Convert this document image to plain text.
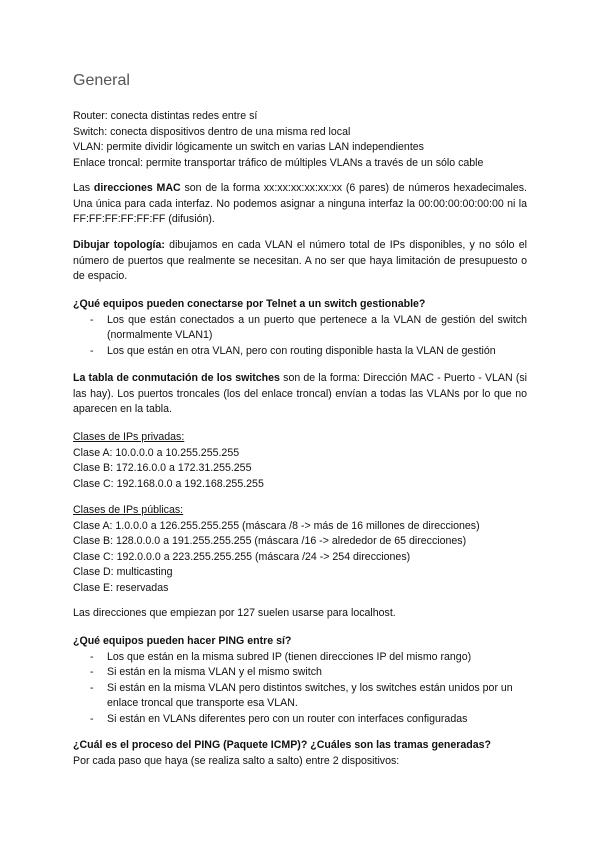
General

Router: conecta distintas redes entre sí

Switch: conecta dispositivos dentro de una misma red local

VLAN: permite dividir lógicamente un switch en varias LAN independientes

Enlace troncal: permite transportar tráfico de múltiples VLANs a través de un sólo cable

Las direcciones MAC son de la forma xx:xx:xx:xx:xx:xx (6 pares) de números hexadecimales. Una única para cada interfaz. No podemos asignar a ninguna interfaz la 00:00:00:00:00:00 ni la FF:FF:FF:FF:FF:FF (difusión).

Dibujar topología: dibujamos en cada VLAN el número total de IPs disponibles, y no sólo el número de puertos que realmente se necesitan. A no ser que haya limitación de presupuesto o de espacio.

¿Qué equipos pueden conectarse por Telnet a un switch gestionable?

- Los que están conectados a un puerto que pertenece a la VLAN de gestión del switch (normalmente VLAN1)
- Los que están en otra VLAN, pero con routing disponible hasta la VLAN de gestión

La tabla de conmutación de los switches son de la forma: Dirección MAC - Puerto - VLAN (si las hay). Los puertos troncales (los del enlace troncal) envían a todas las VLANs por lo que no aparecen en la tabla.

Clases de IPs privadas:

Clase A: 10.0.0.0 a 10.255.255.255

Clase B: 172.16.0.0 a 172.31.255.255

Clase C: 192.168.0.0 a 192.168.255.255

Clases de IPs públicas:

Clase A: 1.0.0.0 a 126.255.255.255 (máscara /8 -> más de 16 millones de direcciones)

Clase B: 128.0.0.0 a 191.255.255.255 (máscara /16 -> alrededor de 65 direcciones)

Clase C: 192.0.0.0 a 223.255.255.255 (máscara /24 -> 254 direcciones)

Clase D: multicasting

Clase E: reservadas

Las direcciones que empiezan por 127 suelen usarse para localhost.

¿Qué equipos pueden hacer PING entre sí?

- Los que están en la misma subred IP (tienen direcciones IP del mismo rango)
- Si están en la misma VLAN y el mismo switch
- Si están en la misma VLAN pero distintos switches, y los switches están unidos por un enlace troncal que transporte esa VLAN.
- Si están en VLANs diferentes pero con un router con interfaces configuradas

¿Cuál es el proceso del PING (Paquete ICMP)? ¿Cuáles son las tramas generadas?

Por cada paso que haya (se realiza salto a salto) entre 2 dispositivos:
